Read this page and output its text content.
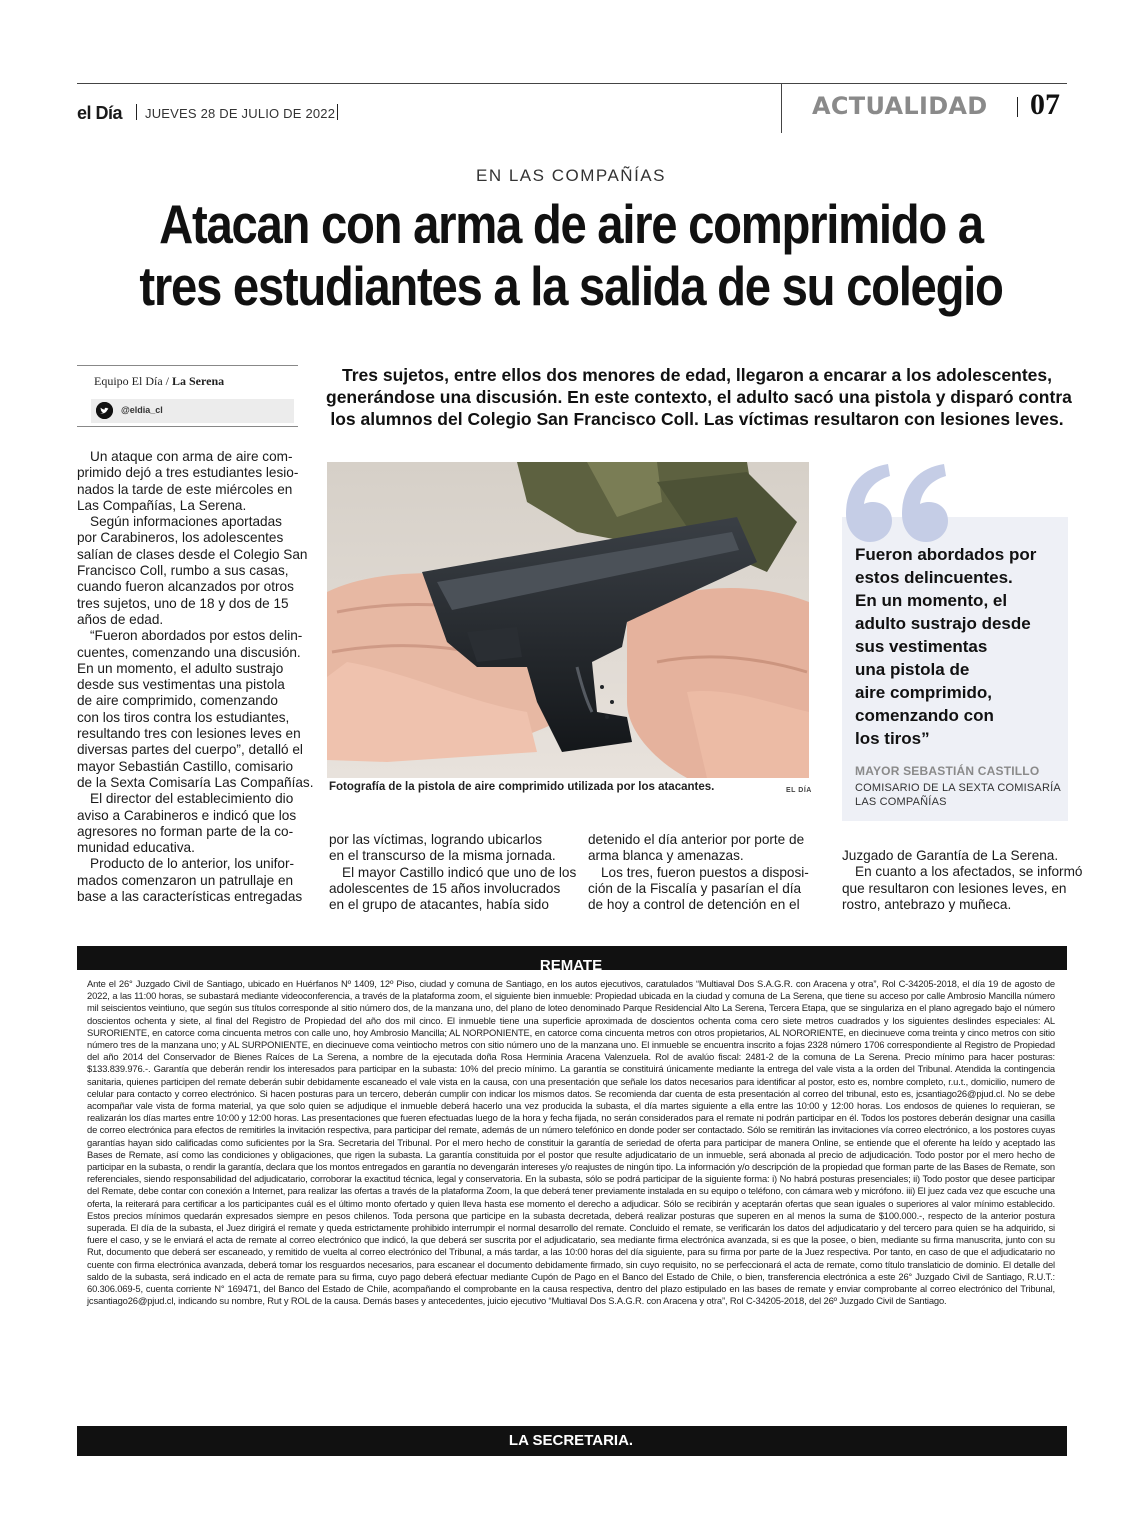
el Día JUEVES 28 DE JULIO DE 2022	ACTUALIDAD 07
EN LAS COMPAÑÍAS
Atacan con arma de aire comprimido a
tres estudiantes a la salida de su colegio
Equipo El Día / La Serena
@eldia_cl
Tres sujetos, entre ellos dos menores de edad, llegaron a encarar a los adolescentes,
generándose una discusión. En este contexto, el adulto sacó una pistola y disparó contra
los alumnos del Colegio San Francisco Coll. Las víctimas resultaron con lesiones leves.
Un ataque con arma de aire com-
primido dejó a tres estudiantes lesio-
nados la tarde de este miércoles en
Las Compañías, La Serena.
Según informaciones aportadas
por Carabineros, los adolescentes
salían de clases desde el Colegio San
Francisco Coll, rumbo a sus casas,
cuando fueron alcanzados por otros
tres sujetos, uno de 18 y dos de 15
años de edad.
“Fueron abordados por estos delin-
cuentes, comenzando una discusión.
En un momento, el adulto sustrajo
desde sus vestimentas una pistola
de aire comprimido, comenzando
con los tiros contra los estudiantes,
resultando tres con lesiones leves en
diversas partes del cuerpo”, detalló el
mayor Sebastián Castillo, comisario
de la Sexta Comisaría Las Compañías.
El director del establecimiento dio
aviso a Carabineros e indicó que los
agresores no forman parte de la co-
munidad educativa.
Producto de lo anterior, los unifor-
mados comenzaron un patrullaje en
base a las características entregadas
Fotografía de la pistola de aire comprimido utilizada por los atacantes.	EL DÍA
Fueron abordados por
estos delincuentes.
En un momento, el
adulto sustrajo desde
sus vestimentas
una pistola de
aire comprimido,
comenzando con
los tiros”
MAYOR SEBASTIÁN CASTILLO
COMISARIO DE LA SEXTA COMISARÍA
LAS COMPAÑÍAS
por las víctimas, logrando ubicarlos
en el transcurso de la misma jornada.
El mayor Castillo indicó que uno de los
adolescentes de 15 años involucrados
en el grupo de atacantes, había sido
detenido el día anterior por porte de
arma blanca y amenazas.
Los tres, fueron puestos a disposi-
ción de la Fiscalía y pasarían el día
de hoy a control de detención en el
Juzgado de Garantía de La Serena.
En cuanto a los afectados, se informó
que resultaron con lesiones leves, en
rostro, antebrazo y muñeca.
REMATE
Ante el 26° Juzgado Civil de Santiago, ubicado en Huérfanos Nº 1409, 12º Piso, ciudad y comuna de Santiago, en los autos ejecutivos, caratulados “Multiaval Dos S.A.G.R. con Aracena y otra”, Rol C-34205-2018, el día 19 de agosto de 2022, a las 11:00 horas, se subastará mediante videoconferencia, a través de la plataforma zoom, el siguiente bien inmueble: Propiedad ubicada en la ciudad y comuna de La Serena, que tiene su acceso por calle Ambrosio Mancilla número mil seiscientos veintiuno, que según sus títulos corresponde al sitio número dos, de la manzana uno, del plano de loteo denominado Parque Residencial Alto La Serena, Tercera Etapa, que se singulariza en el plano agregado bajo el número doscientos ochenta y siete, al final del Registro de Propiedad del año dos mil cinco. El inmueble tiene una superficie aproximada de doscientos ochenta coma cero siete metros cuadrados y los siguientes deslindes especiales: AL SURORIENTE, en catorce coma cincuenta metros con calle uno, hoy Ambrosio Mancilla; AL NORPONIENTE, en catorce coma cincuenta metros con otros propietarios, AL NORORIENTE, en diecinueve coma treinta y cinco metros con sitio número tres de la manzana uno; y AL SURPONIENTE, en diecinueve coma veintiocho metros con sitio número uno de la manzana uno. El inmueble se encuentra inscrito a fojas 2328 número 1706 correspondiente al Registro de Propiedad del año 2014 del Conservador de Bienes Raíces de La Serena, a nombre de la ejecutada doña Rosa Herminia Aracena Valenzuela. Rol de avalúo fiscal: 2481-2 de la comuna de La Serena. Precio mínimo para hacer posturas: $133.839.976.-. Garantía que deberán rendir los interesados para participar en la subasta: 10% del precio mínimo. La garantía se constituirá únicamente mediante la entrega del vale vista a la orden del Tribunal. Atendida la contingencia sanitaria, quienes participen del remate deberán subir debidamente escaneado el vale vista en la causa, con una presentación que señale los datos necesarios para identificar al postor, esto es, nombre completo, r.u.t., domicilio, numero de celular para contacto y correo electrónico. Si hacen posturas para un tercero, deberán cumplir con indicar los mismos datos. Se recomienda dar cuenta de esta presentación al correo del tribunal, esto es, jcsantiago26@pjud.cl. No se debe acompañar vale vista de forma material, ya que solo quien se adjudique el inmueble deberá hacerlo una vez producida la subasta, el día martes siguiente a ella entre las 10:00 y 12:00 horas. Los endosos de quienes lo requieran, se realizarán los días martes entre 10:00 y 12:00 horas. Las presentaciones que fueren efectuadas luego de la hora y fecha fijada, no serán considerados para el remate ni podrán participar en él. Todos los postores deberán designar una casilla de correo electrónica para efectos de remitirles la invitación respectiva, para participar del remate, además de un número telefónico en donde poder ser contactado. Sólo se remitirán las invitaciones vía correo electrónico, a los postores cuyas garantías hayan sido calificadas como suficientes por la Sra. Secretaria del Tribunal. Por el mero hecho de constituir la garantía de seriedad de oferta para participar de manera Online, se entiende que el oferente ha leído y aceptado las Bases de Remate, así como las condiciones y obligaciones, que rigen la subasta. La garantía constituida por el postor que resulte adjudicatario de un inmueble, será abonada al precio de adjudicación. Todo postor por el mero hecho de participar en la subasta, o rendir la garantía, declara que los montos entregados en garantía no devengarán intereses y/o reajustes de ningún tipo. La información y/o descripción de la propiedad que forman parte de las Bases de Remate, son referenciales, siendo responsabilidad del adjudicatario, corroborar la exactitud técnica, legal y conservatoria. En la subasta, sólo se podrá participar de la siguiente forma: i) No habrá posturas presenciales; ii) Todo postor que desee participar del Remate, debe contar con conexión a Internet, para realizar las ofertas a través de la plataforma Zoom, la que deberá tener previamente instalada en su equipo o teléfono, con cámara web y micrófono. iii) El juez cada vez que escuche una oferta, la reiterará para certificar a los participantes cuál es el último monto ofertado y quien lleva hasta ese momento el derecho a adjudicar. Sólo se recibirán y aceptarán ofertas que sean iguales o superiores al valor mínimo establecido. Estos precios mínimos quedarán expresados siempre en pesos chilenos. Toda persona que participe en la subasta decretada, deberá realizar posturas que superen en al menos la suma de $100.000.-, respecto de la anterior postura superada. El día de la subasta, el Juez dirigirá el remate y queda estrictamente prohibido interrumpir el normal desarrollo del remate. Concluido el remate, se verificarán los datos del adjudicatario y del tercero para quien se ha adquirido, si fuere el caso, y se le enviará el acta de remate al correo electrónico que indicó, la que deberá ser suscrita por el adjudicatario, sea mediante firma electrónica avanzada, si es que la posee, o bien, mediante su firma manuscrita, junto con su Rut, documento que deberá ser escaneado, y remitido de vuelta al correo electrónico del Tribunal, a más tardar, a las 10:00 horas del día siguiente, para su firma por parte de la Juez respectiva. Por tanto, en caso de que el adjudicatario no cuente con firma electrónica avanzada, deberá tomar los resguardos necesarios, para escanear el documento debidamente firmado, sin cuyo requisito, no se perfeccionará el acta de remate, como título translaticio de dominio. El detalle del saldo de la subasta, será indicado en el acta de remate para su firma, cuyo pago deberá efectuar mediante Cupón de Pago en el Banco del Estado de Chile, o bien, transferencia electrónica a este 26° Juzgado Civil de Santiago, R.U.T.: 60.306.069-5, cuenta corriente N° 169471, del Banco del Estado de Chile, acompañando el comprobante en la causa respectiva, dentro del plazo estipulado en las bases de remate y enviar comprobante al correo electrónico del Tribunal, jcsantiago26@pjud.cl, indicando su nombre, Rut y ROL de la causa. Demás bases y antecedentes, juicio ejecutivo “Multiaval Dos S.A.G.R. con Aracena y otra”, Rol C-34205-2018, del 26º Juzgado Civil de Santiago.
LA SECRETARIA.
